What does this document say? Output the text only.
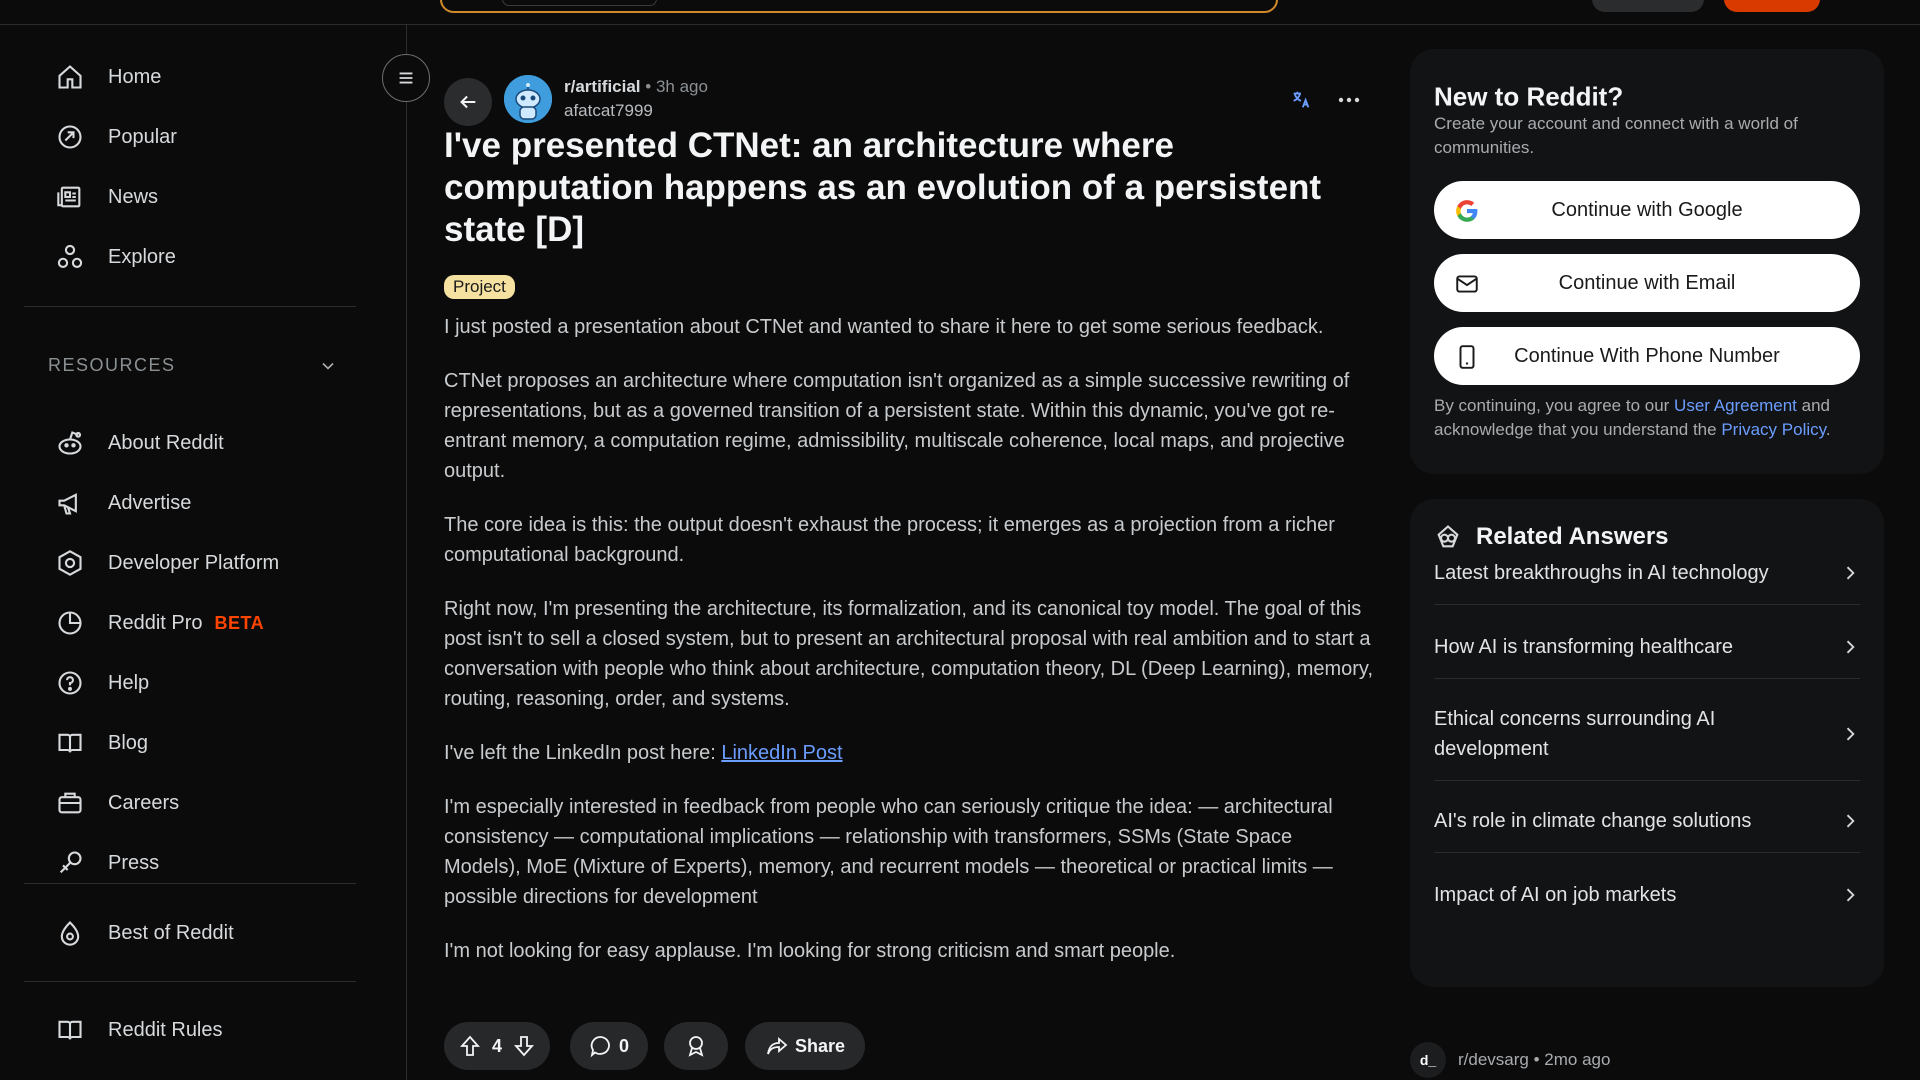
Home
Popular
News
Explore
RESOURCES
About Reddit
Advertise
Developer Platform
Reddit Pro BETA
Help
Blog
Careers
Press
Best of Reddit
Reddit Rules
r/artificial • 3h ago
afatcat7999
I've presented CTNet: an architecture where computation happens as an evolution of a persistent state [D]
Project

I just posted a presentation about CTNet and wanted to share it here to get some serious feedback.

CTNet proposes an architecture where computation isn't organized as a simple successive rewriting of representations, but as a governed transition of a persistent state. Within this dynamic, you've got re-entrant memory, a computation regime, admissibility, multiscale coherence, local maps, and projective output.

The core idea is this: the output doesn't exhaust the process; it emerges as a projection from a richer computational background.

Right now, I'm presenting the architecture, its formalization, and its canonical toy model. The goal of this post isn't to sell a closed system, but to present an architectural proposal with real ambition and to start a conversation with people who think about architecture, computation theory, DL (Deep Learning), memory, routing, reasoning, order, and systems.

I've left the LinkedIn post here: LinkedIn Post

I'm especially interested in feedback from people who can seriously critique the idea: — architectural consistency — computational implications — relationship with transformers, SSMs (State Space Models), MoE (Mixture of Experts), memory, and recurrent models — theoretical or practical limits — possible directions for development

I'm not looking for easy applause. I'm looking for strong criticism and smart people.

4	0	Share
New to Reddit?
Create your account and connect with a world of communities.
Continue with Google
Continue with Email
Continue With Phone Number
By continuing, you agree to our User Agreement and acknowledge that you understand the Privacy Policy.
Related Answers
Latest breakthroughs in AI technology
How AI is transforming healthcare
Ethical concerns surrounding AI development
AI's role in climate change solutions
Impact of AI on job markets
d_	r/devsarg • 2mo ago
